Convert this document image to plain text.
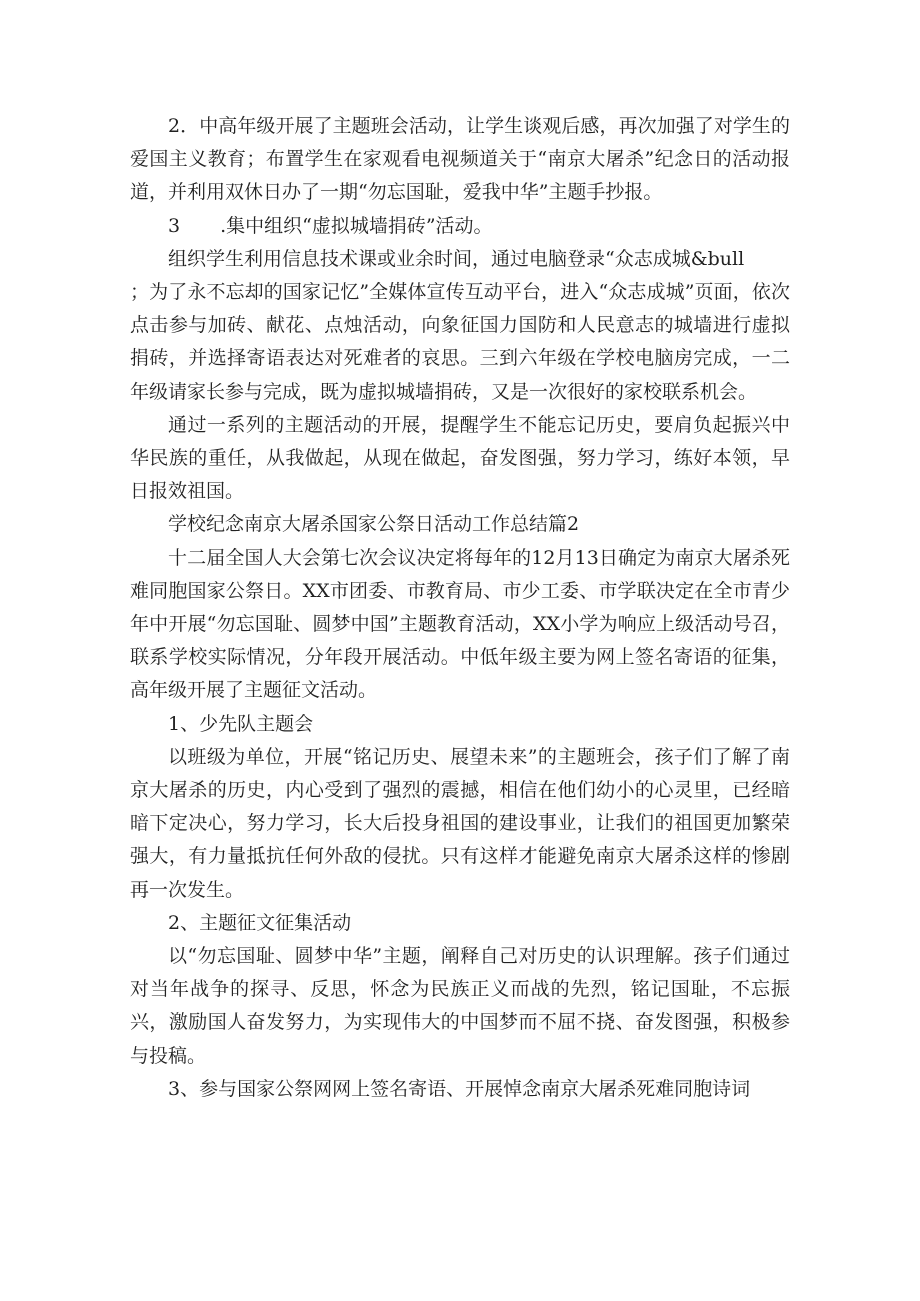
2．中高年级开展了主题班会活动，让学生谈观后感，再次加强了对学生的爱国主义教育；布置学生在家观看电视频道关于“南京大屠杀”纪念日的活动报道，并利用双休日办了一期“勿忘国耻，爱我中华”主题手抄报。

3 .集中组织“虚拟城墙捐砖”活动。

组织学生利用信息技术课或业余时间，通过电脑登录“众志成城&bull

；为了永不忘却的国家记忆”全媒体宣传互动平台，进入“众志成城”页面，依次点击参与加砖、献花、点烛活动，向象征国力国防和人民意志的城墙进行虚拟捐砖，并选择寄语表达对死难者的哀思。三到六年级在学校电脑房完成，一二年级请家长参与完成，既为虚拟城墙捐砖，又是一次很好的家校联系机会。

通过一系列的主题活动的开展，提醒学生不能忘记历史，要肩负起振兴中华民族的重任，从我做起，从现在做起，奋发图强，努力学习，练好本领，早日报效祖国。

学校纪念南京大屠杀国家公祭日活动工作总结篇2

十二届全国人大会第七次会议决定将每年的12月13日确定为南京大屠杀死难同胞国家公祭日。XX市团委、市教育局、市少工委、市学联决定在全市青少年中开展“勿忘国耻、圆梦中国”主题教育活动，XX小学为响应上级活动号召，联系学校实际情况，分年段开展活动。中低年级主要为网上签名寄语的征集，高年级开展了主题征文活动。

1、少先队主题会

以班级为单位，开展“铭记历史、展望未来”的主题班会，孩子们了解了南京大屠杀的历史，内心受到了强烈的震撼，相信在他们幼小的心灵里，已经暗暗下定决心，努力学习，长大后投身祖国的建设事业，让我们的祖国更加繁荣强大，有力量抵抗任何外敌的侵扰。只有这样才能避免南京大屠杀这样的惨剧再一次发生。

2、主题征文征集活动

以“勿忘国耻、圆梦中华”主题，阐释自己对历史的认识理解。孩子们通过对当年战争的探寻、反思，怀念为民族正义而战的先烈，铭记国耻，不忘振兴，激励国人奋发努力，为实现伟大的中国梦而不屈不挠、奋发图强，积极参与投稿。

3、参与国家公祭网网上签名寄语、开展悼念南京大屠杀死难同胞诗词
